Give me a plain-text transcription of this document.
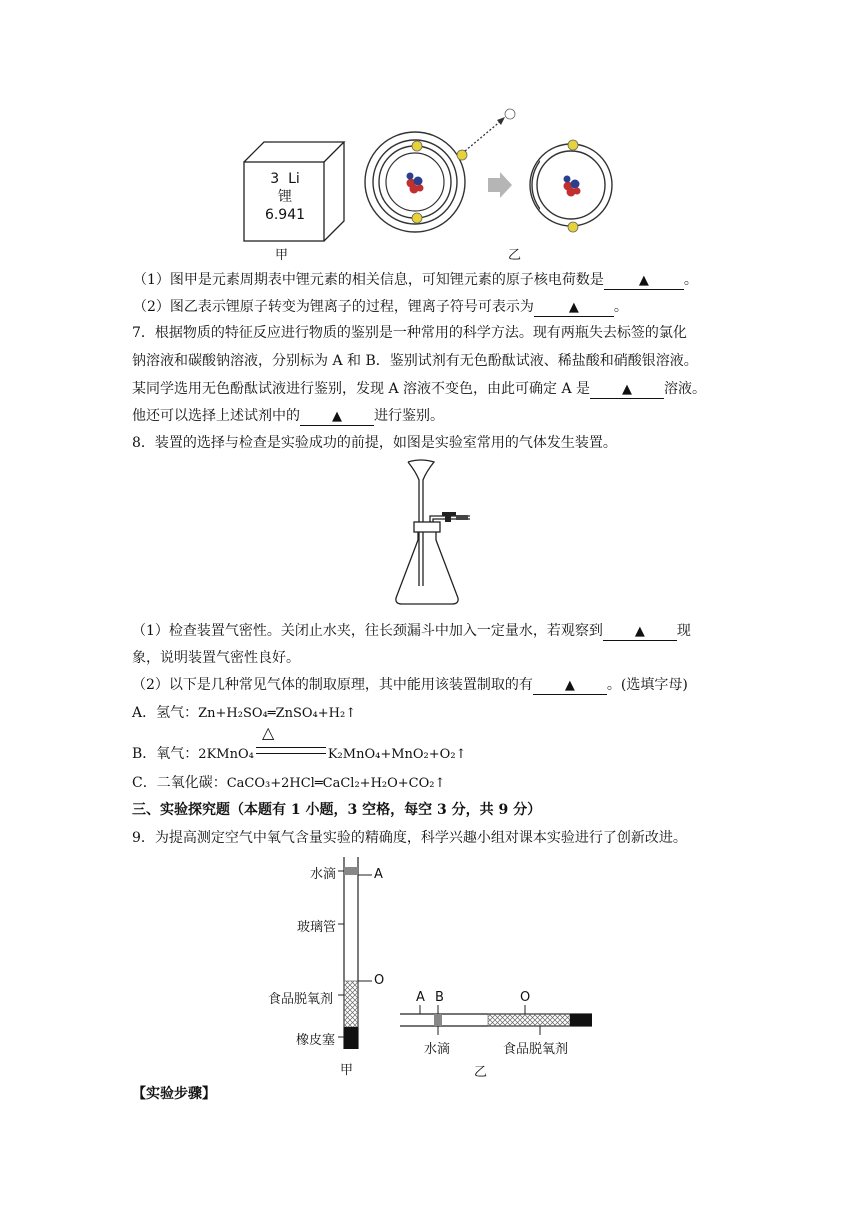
3 Li
锂
6.941
甲	乙
（1）图甲是元素周期表中锂元素的相关信息，可知锂元素的原子核电荷数是	▲	。
（2）图乙表示锂原子转变为锂离子的过程，锂离子符号可表示为	▲	。
7．根据物质的特征反应进行物质的鉴别是一种常用的科学方法。现有两瓶失去标签的氯化
钠溶液和碳酸钠溶液，分别标为 A 和 B．鉴别试剂有无色酚酞试液、稀盐酸和硝酸银溶液。
某同学选用无色酚酞试液进行鉴别，发现 A 溶液不变色，由此可确定 A 是 ▲ 溶液。
他还可以选择上述试剂中的 ▲ 进行鉴别。
8．装置的选择与检查是实验成功的前提，如图是实验室常用的气体发生装置。
（1）检查装置气密性。关闭止水夹，往长颈漏斗中加入一定量水，若观察到 ▲ 现
象，说明装置气密性良好。
（2）以下是几种常见气体的制取原理，其中能用该装置制取的有 ▲ 。(选填字母)
A．氢气：Zn+H₂SO₄═ZnSO₄+H₂↑
△
B．氧气：2KMnO₄	K₂MnO₄+MnO₂+O₂↑
C．二氧化碳：CaCO₃+2HCl═CaCl₂+H₂O+CO₂↑
三、实验探究题（本题有 1 小题，3 空格，每空 3 分，共 9 分）
9．为提高测定空气中氧气含量实验的精确度，科学兴趣小组对课本实验进行了创新改进。
水滴	A
玻璃管
O
食品脱氧剂
橡皮塞
A B	O
水滴	食品脱氧剂
甲	乙
【实验步骤】
